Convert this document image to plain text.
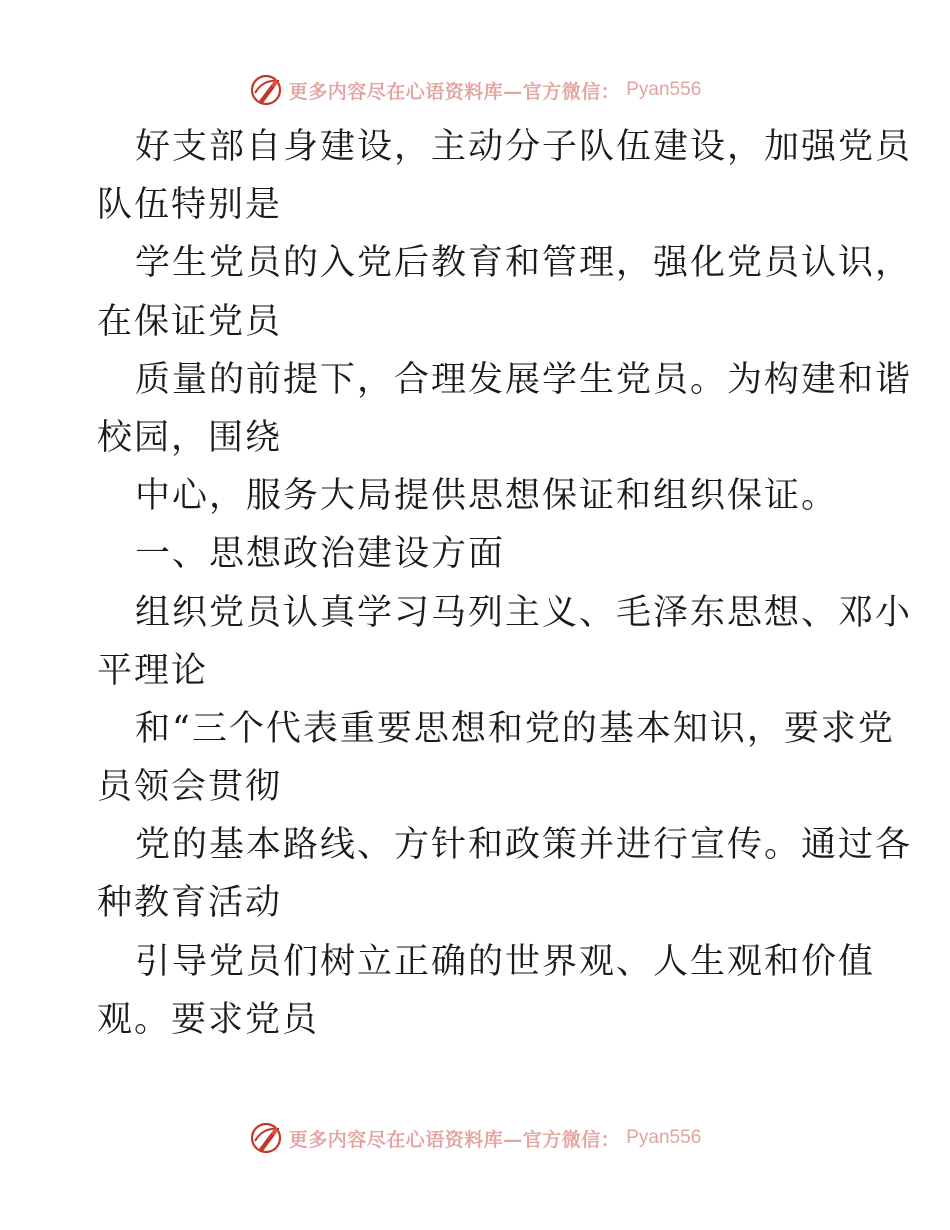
更多内容尽在心语资料库—官方微信： Pyan556
好支部自身建设，主动分子队伍建设，加强党员
队伍特别是
学生党员的入党后教育和管理，强化党员认识，
在保证党员
质量的前提下，合理发展学生党员。为构建和谐
校园，围绕
中心，服务大局提供思想保证和组织保证。
一、思想政治建设方面
组织党员认真学习马列主义、毛泽东思想、邓小
平理论
和“三个代表重要思想和党的基本知识，要求党
员领会贯彻
党的基本路线、方针和政策并进行宣传。通过各
种教育活动
引导党员们树立正确的世界观、人生观和价值
观。要求党员
更多内容尽在心语资料库—官方微信： Pyan556
